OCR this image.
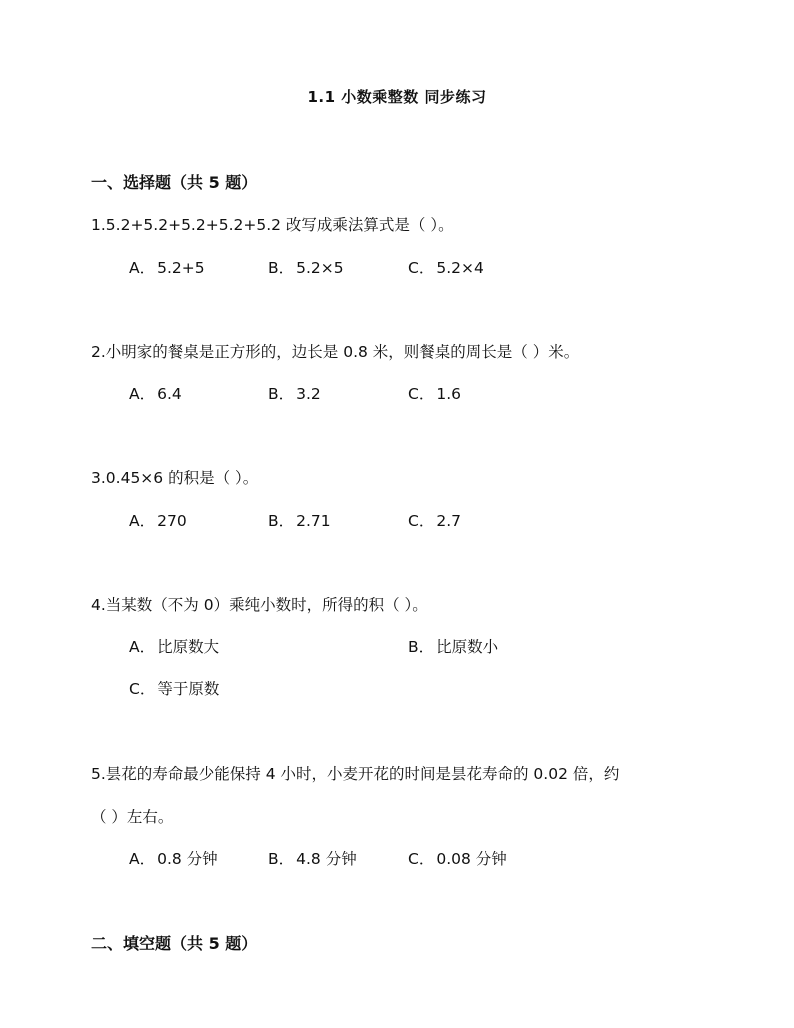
1.1 小数乘整数 同步练习
一、选择题（共 5 题）
1.5.2+5.2+5.2+5.2+5.2 改写成乘法算式是（ ）。
A． 5.2+5	B． 5.2×5	C． 5.2×4
2.小明家的餐桌是正方形的，边长是 0.8 米，则餐桌的周长是（ ）米。
A． 6.4	B． 3.2	C． 1.6
3.0.45×6 的积是（ ）。
A． 270	B． 2.71	C． 2.7
4.当某数（不为 0）乘纯小数时，所得的积（ ）。
A． 比原数大	B． 比原数小
C． 等于原数
5.昙花的寿命最少能保持 4 小时，小麦开花的时间是昙花寿命的 0.02 倍，约
（ ）左右。
A． 0.8 分钟	B． 4.8 分钟	C． 0.08 分钟
二、填空题（共 5 题）
